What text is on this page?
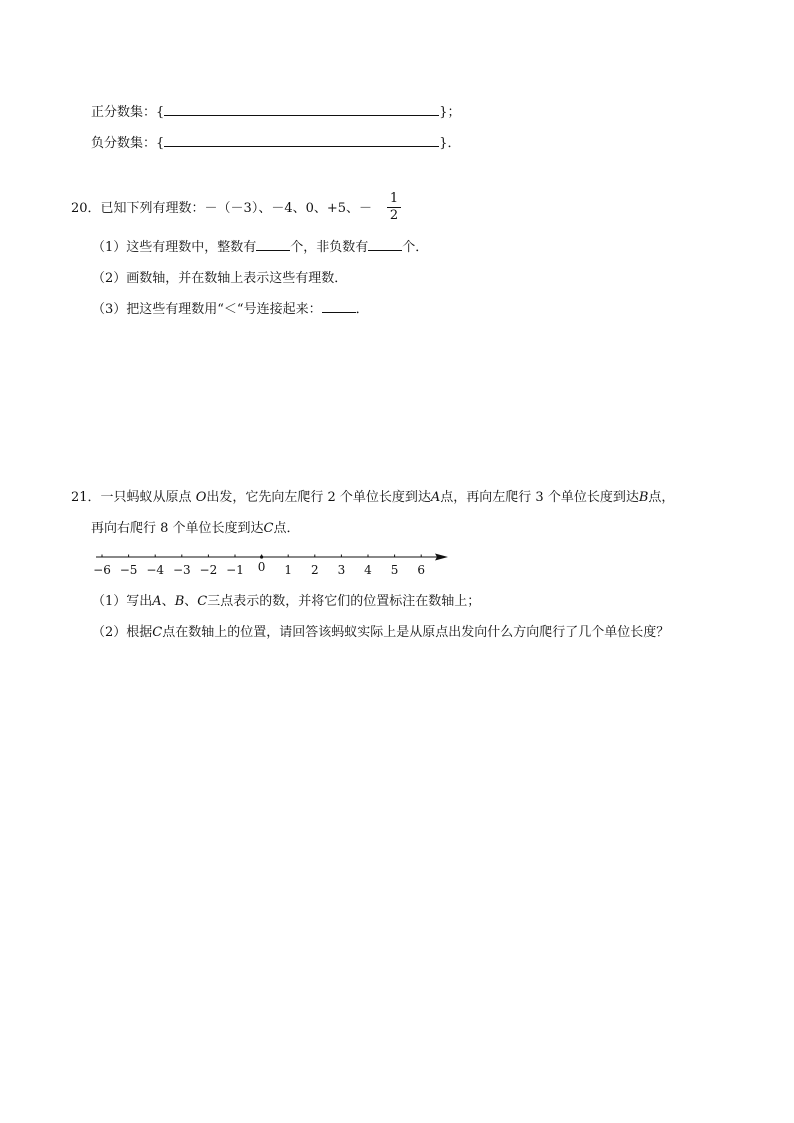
正分数集：{	}；
负分数集：{	}．
20．已知下列有理数：－（－3）、－4、0、+5、－
1
2
（1）这些有理数中，整数有	个，非负数有	个．
（2）画数轴，并在数轴上表示这些有理数．
（3）把这些有理数用“＜“号连接起来：	．
21．一只蚂蚁从原点 O出发，它先向左爬行 2 个单位长度到达A点，再向左爬行 3 个单位长度到达B点，
再向右爬行 8 个单位长度到达C点．
−6 −5 −4 −3 −2 −1	0	1	2	3	4	5	6
（1）写出A、B、C三点表示的数，并将它们的位置标注在数轴上；
（2）根据C点在数轴上的位置，请回答该蚂蚁实际上是从原点出发向什么方向爬行了几个单位长度？
